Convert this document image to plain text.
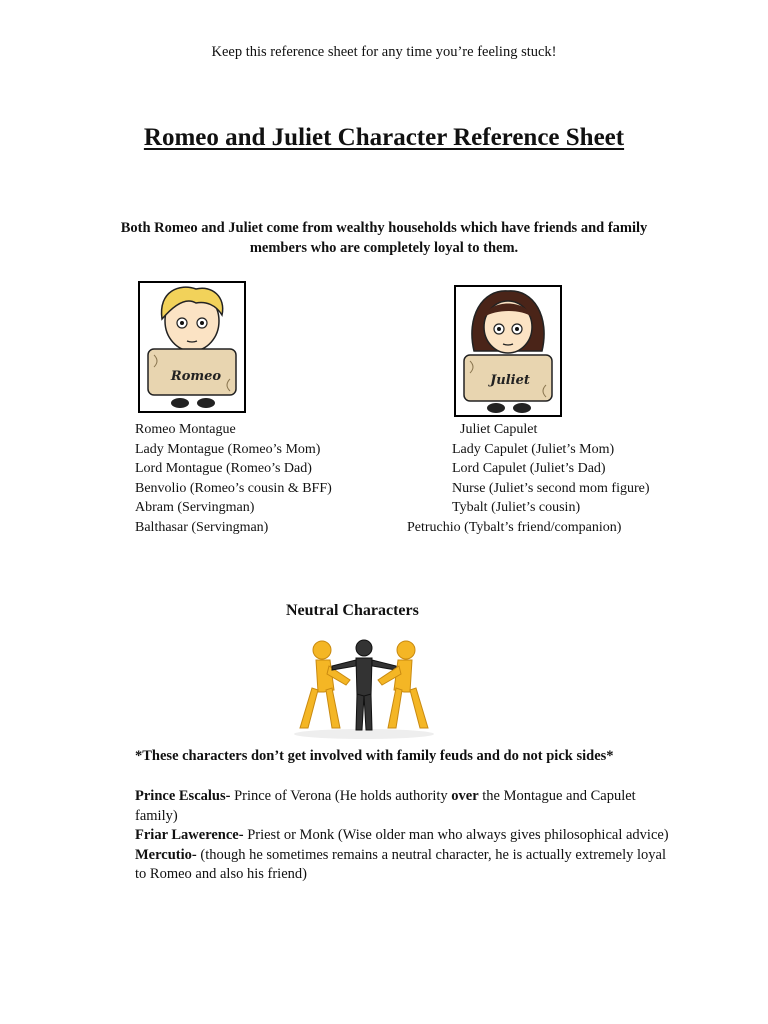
Keep this reference sheet for any time you’re feeling stuck!
Romeo and Juliet Character Reference Sheet
Both Romeo and Juliet come from wealthy households which have friends and family members who are completely loyal to them.
Romeo	Juliet
Romeo Montague
Lady Montague (Romeo’s Mom)
Lord Montague (Romeo’s Dad)
Benvolio (Romeo’s cousin & BFF)
Abram (Servingman)
Balthasar (Servingman)
Juliet Capulet
Lady Capulet (Juliet’s Mom)
Lord Capulet (Juliet’s Dad)
Nurse (Juliet’s second mom figure)
Tybalt (Juliet’s cousin)
Petruchio (Tybalt’s friend/companion)
Neutral Characters
*These characters don’t get involved with family feuds and do not pick sides*

Prince Escalus- Prince of Verona (He holds authority over the Montague and Capulet family)

Friar Lawerence- Priest or Monk (Wise older man who always gives philosophical advice)

Mercutio- (though he sometimes remains a neutral character, he is actually extremely loyal to Romeo and also his friend)
